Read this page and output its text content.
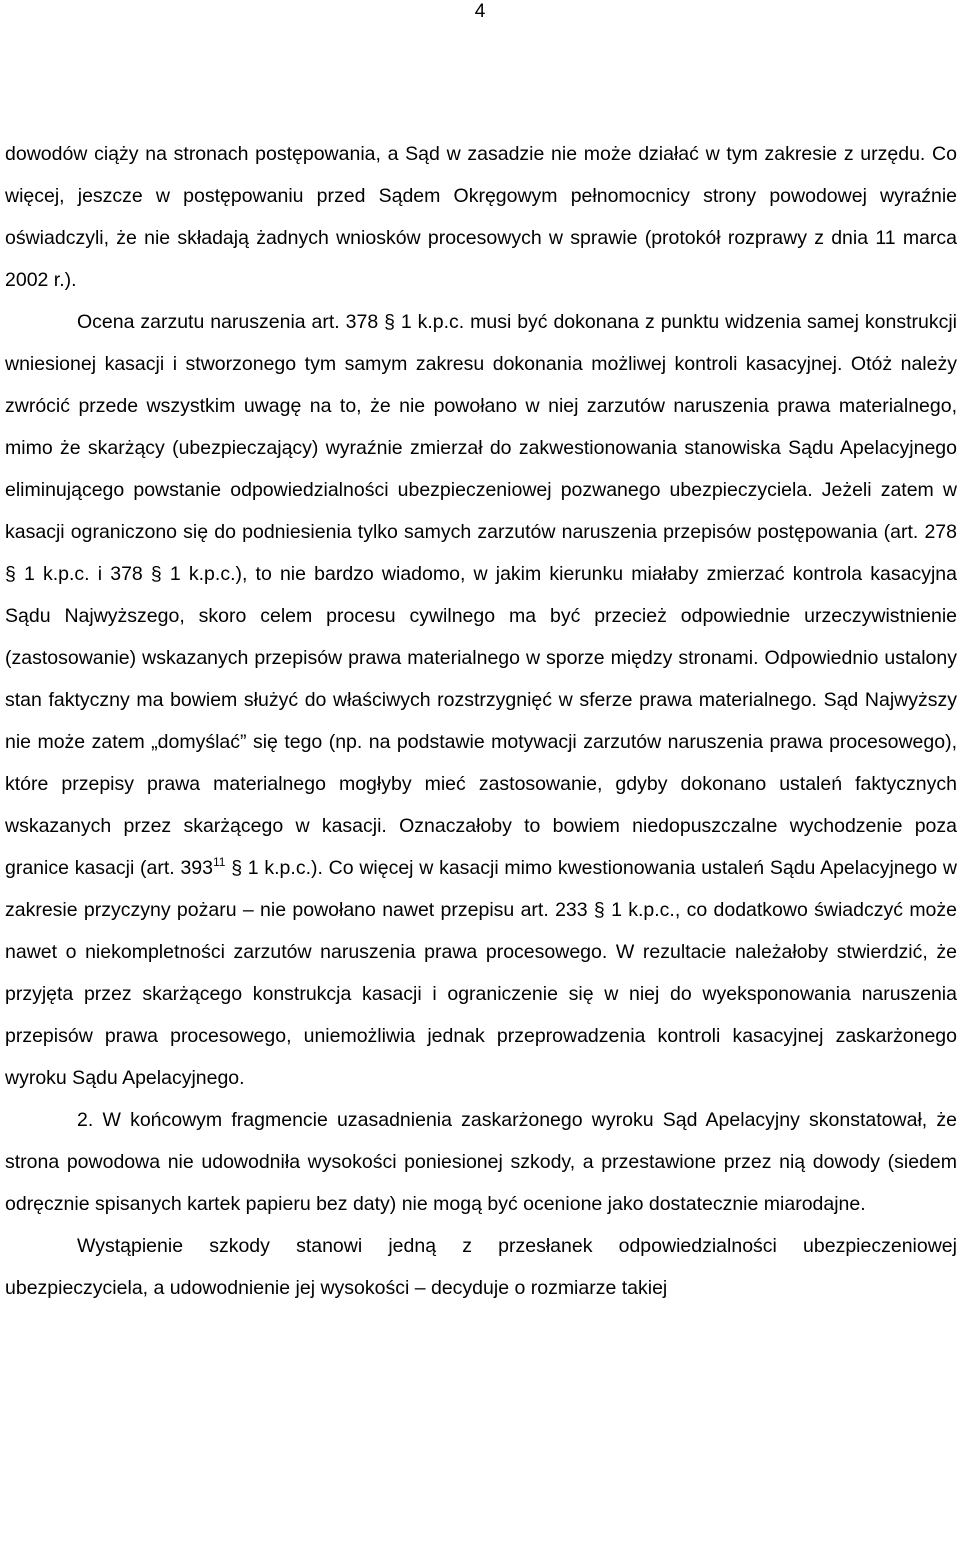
4

dowodów ciąży na stronach postępowania, a Sąd w zasadzie nie może działać w tym zakresie z urzędu. Co więcej, jeszcze w postępowaniu przed Sądem Okręgowym pełnomocnicy strony powodowej wyraźnie oświadczyli, że nie składają żadnych wniosków procesowych w sprawie (protokół rozprawy z dnia 11 marca 2002 r.).

Ocena zarzutu naruszenia art. 378 § 1 k.p.c. musi być dokonana z punktu widzenia samej konstrukcji wniesionej kasacji i stworzonego tym samym zakresu dokonania możliwej kontroli kasacyjnej. Otóż należy zwrócić przede wszystkim uwagę na to, że nie powołano w niej zarzutów naruszenia prawa materialnego, mimo że skarżący (ubezpieczający) wyraźnie zmierzał do zakwestionowania stanowiska Sądu Apelacyjnego eliminującego powstanie odpowiedzialności ubezpieczeniowej pozwanego ubezpieczyciela. Jeżeli zatem w kasacji ograniczono się do podniesienia tylko samych zarzutów naruszenia przepisów postępowania (art. 278 § 1 k.p.c. i 378 § 1 k.p.c.), to nie bardzo wiadomo, w jakim kierunku miałaby zmierzać kontrola kasacyjna Sądu Najwyższego, skoro celem procesu cywilnego ma być przecież odpowiednie urzeczywistnienie (zastosowanie) wskazanych przepisów prawa materialnego w sporze między stronami. Odpowiednio ustalony stan faktyczny ma bowiem służyć do właściwych rozstrzygnięć w sferze prawa materialnego. Sąd Najwyższy nie może zatem „domyślać” się tego (np. na podstawie motywacji zarzutów naruszenia prawa procesowego), które przepisy prawa materialnego mogłyby mieć zastosowanie, gdyby dokonano ustaleń faktycznych wskazanych przez skarżącego w kasacji. Oznaczałoby to bowiem niedopuszczalne wychodzenie poza granice kasacji (art. $393^{11}$ § 1 k.p.c.). Co więcej w kasacji mimo kwestionowania ustaleń Sądu Apelacyjnego w zakresie przyczyny pożaru – nie powołano nawet przepisu art. 233 § 1 k.p.c., co dodatkowo świadczyć może nawet o niekompletności zarzutów naruszenia prawa procesowego. W rezultacie należałoby stwierdzić, że przyjęta przez skarżącego konstrukcja kasacji i ograniczenie się w niej do wyeksponowania naruszenia przepisów prawa procesowego, uniemożliwia jednak przeprowadzenia kontroli kasacyjnej zaskarżonego wyroku Sądu Apelacyjnego.

2. W końcowym fragmencie uzasadnienia zaskarżonego wyroku Sąd Apelacyjny skonstatował, że strona powodowa nie udowodniła wysokości poniesionej szkody, a przestawione przez nią dowody (siedem odręcznie spisanych kartek papieru bez daty) nie mogą być ocenione jako dostatecznie miarodajne.

Wystąpienie szkody stanowi jedną z przesłanek odpowiedzialności ubezpieczeniowej ubezpieczyciela, a udowodnienie jej wysokości – decyduje o rozmiarze takiej
